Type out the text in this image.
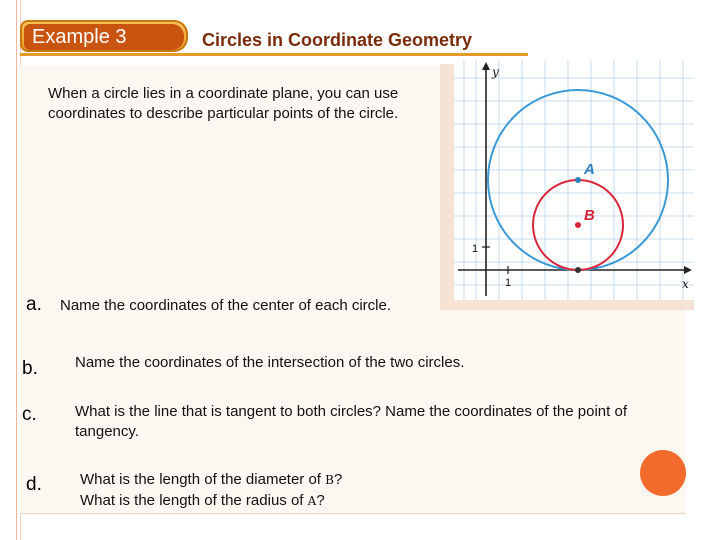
Example 3	Circles in Coordinate Geometry
When a circle lies in a coordinate plane, you can use coordinates to describe particular points of the circle.
y
x
1
1
A
B
a. Name the coordinates of the center of each circle.
b. Name the coordinates of the intersection of the two circles.
c.	What is the line that is tangent to both circles? Name the coordinates of the point of tangency.
d.	What is the length of the diameter of B?
What is the length of the radius of A?
